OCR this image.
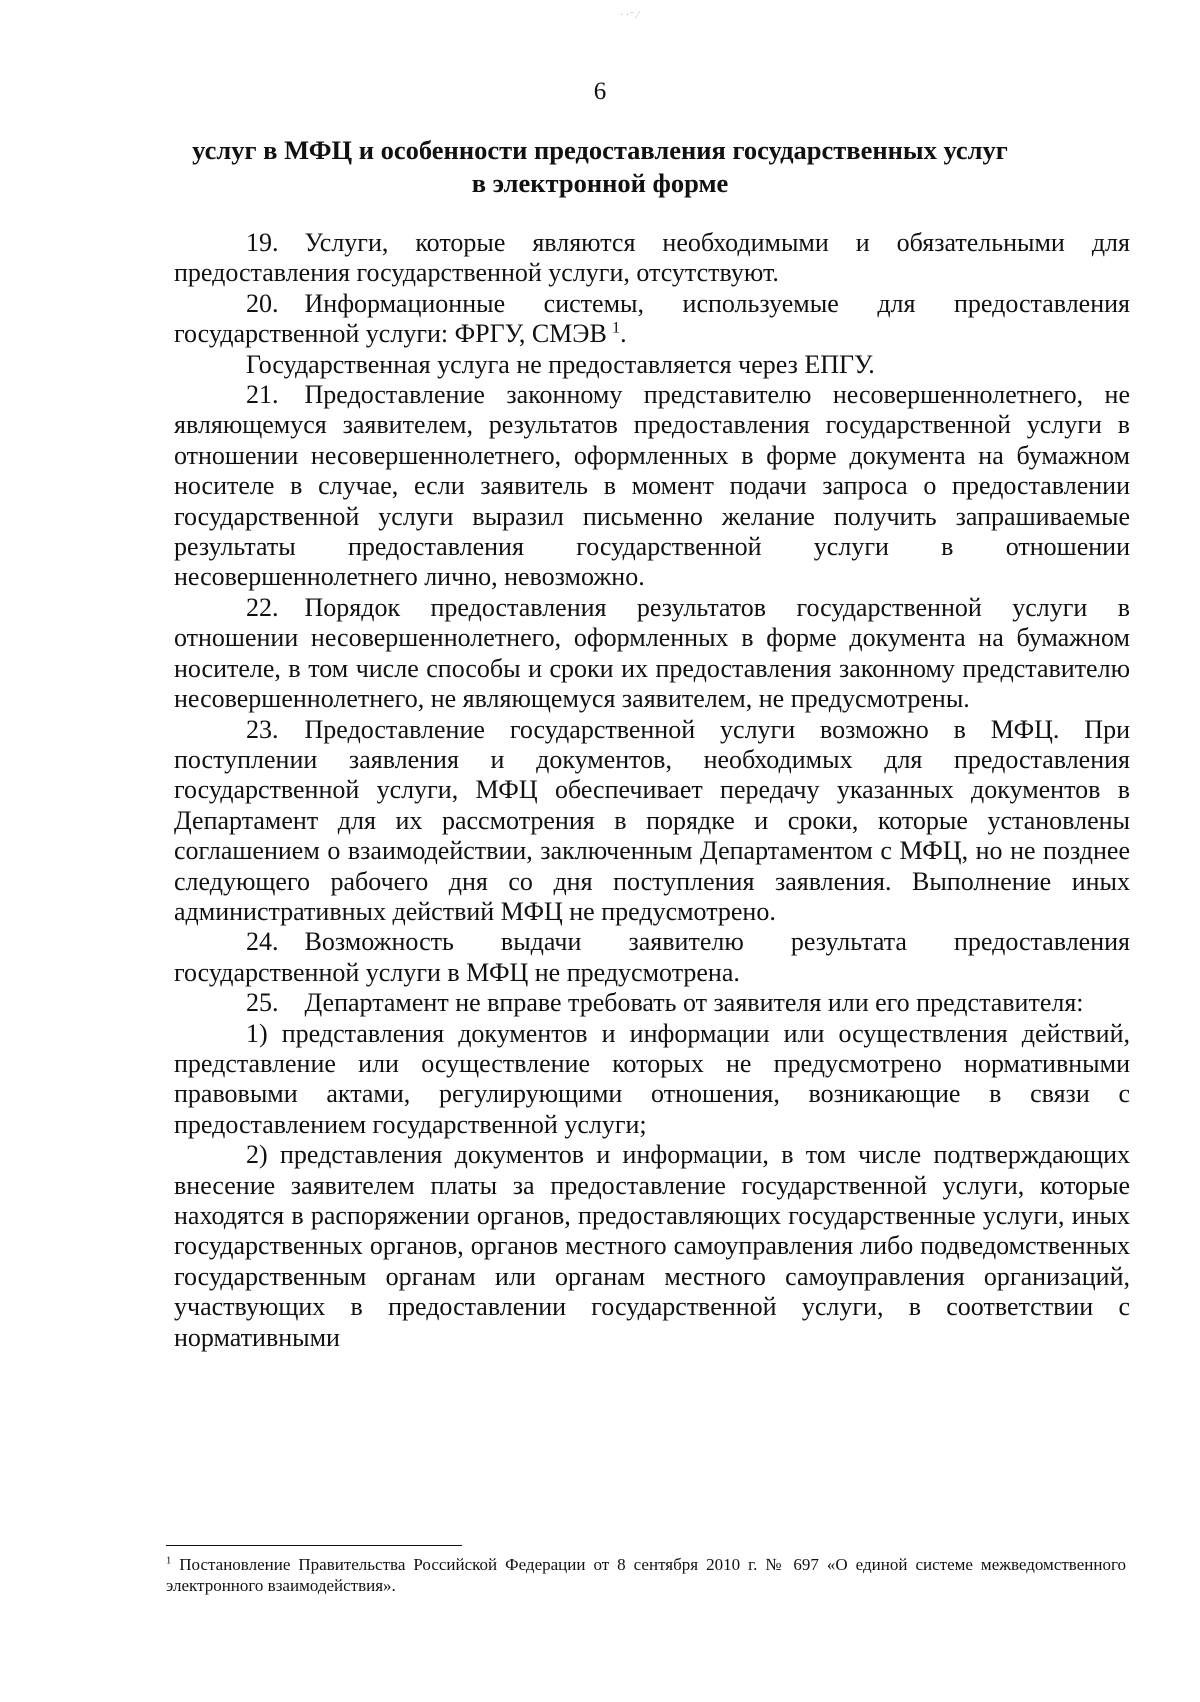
· ·⁻ ⁄
6
услуг в МФЦ и особенности предоставления государственных услуг
в электронной форме

19. Услуги, которые являются необходимыми и обязательными для предоставления государственной услуги, отсутствуют.

20. Информационные системы, используемые для предоставления государственной услуги: ФРГУ, СМЭВ  $^1$.

Государственная услуга не предоставляется через ЕПГУ.

21. Предоставление законному представителю несовершеннолетнего, не являющемуся заявителем, результатов предоставления государственной услуги в отношении несовершеннолетнего, оформленных в форме документа на бумажном носителе в случае, если заявитель в момент подачи запроса о предоставлении государственной услуги выразил письменно желание получить запрашиваемые результаты предоставления государственной услуги в отношении несовершеннолетнего лично, невозможно.

22. Порядок предоставления результатов государственной услуги в отношении несовершеннолетнего, оформленных в форме документа на бумажном носителе, в том числе способы и сроки их предоставления законному представителю несовершеннолетнего, не являющемуся заявителем, не предусмотрены.

23. Предоставление государственной услуги возможно в МФЦ. При поступлении заявления и документов, необходимых для предоставления государственной услуги, МФЦ обеспечивает передачу указанных документов в Департамент для их рассмотрения в порядке и сроки, которые установлены соглашением о взаимодействии, заключенным Департаментом с МФЦ, но не позднее следующего рабочего дня со дня поступления заявления. Выполнение иных административных действий МФЦ не предусмотрено.

24. Возможность выдачи заявителю результата предоставления государственной услуги в МФЦ не предусмотрена.

25. Департамент не вправе требовать от заявителя или его представителя:

1) представления документов и информации или осуществления действий, представление или осуществление которых не предусмотрено нормативными правовыми актами, регулирующими отношения, возникающие в связи с предоставлением государственной услуги;

2) представления документов и информации, в том числе подтверждающих внесение заявителем платы за предоставление государственной услуги, которые находятся в распоряжении органов, предоставляющих государственные услуги, иных государственных органов, органов местного самоуправления либо подведомственных государственным органам или органам местного самоуправления организаций, участвующих в предоставлении государственной услуги, в соответствии с нормативными

$^1$ Постановление Правительства Российской Федерации от 8 сентября 2010 г. № 697 «О единой системе межведомственного электронного взаимодействия».
